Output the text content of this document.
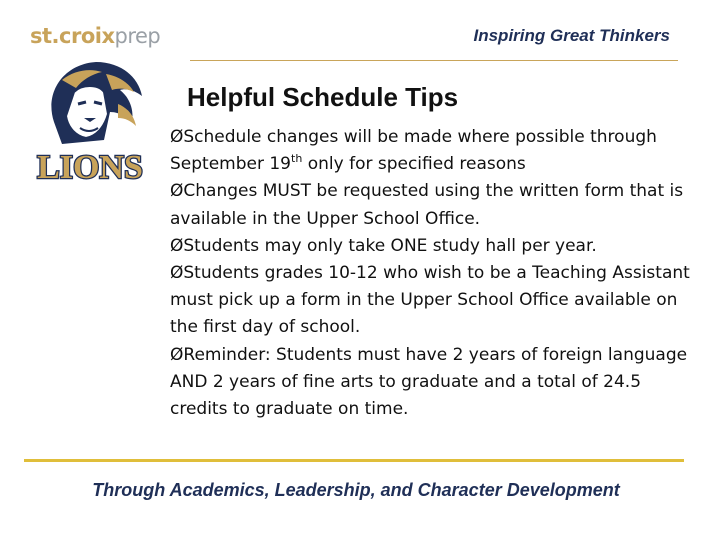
st.croixprep	Inspiring Great Thinkers
LIONS
Helpful Schedule Tips

ØSchedule changes will be made where possible through September 19th only for specified reasons

ØChanges MUST be requested using the written form that is available in the Upper School Office.

ØStudents may only take ONE study hall per year.

ØStudents grades 10-12 who wish to be a Teaching Assistant must pick up a form in the Upper School Office available on the first day of school.

ØReminder: Students must have 2 years of foreign language AND 2 years of fine arts to graduate and a total of 24.5 credits to graduate on time.

Through Academics, Leadership, and Character Development
